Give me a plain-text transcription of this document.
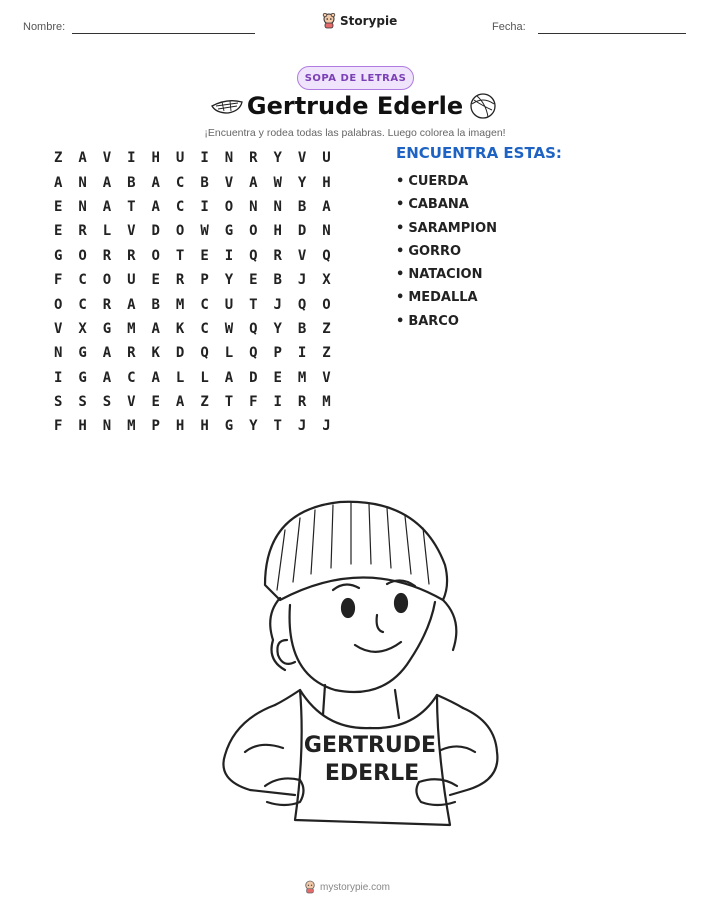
Nombre:	Storypie	Fecha:
SOPA DE LETRAS
Gertrude Ederle
¡Encuentra y rodea todas las palabras. Luego colorea la imagen!
Z	A	V	I	H	U	I	N	R	Y	V	U
A	N	A	B	A	C	B	V	A	W	Y	H
E	N	A	T	A	C	I	O	N	N	B	A
E	R	L	V	D	O	W	G	O	H	D	N
G	O	R	R	O	T	E	I	Q	R	V	Q
F	C	O	U	E	R	P	Y	E	B	J	X
O	C	R	A	B	M	C	U	T	J	Q	O
V	X	G	M	A	K	C	W	Q	Y	B	Z
N	G	A	R	K	D	Q	L	Q	P	I	Z
I	G	A	C	A	L	L	A	D	E	M	V
S	S	S	V	E	A	Z	T	F	I	R	M
F	H	N	M	P	H	H	G	Y	T	J	J
ENCUENTRA ESTAS:
• CUERDA
• CABANA
• SARAMPION
• GORRO
• NATACION
• MEDALLA
• BARCO
GERTRUDE
EDERLE
mystorypie.com
